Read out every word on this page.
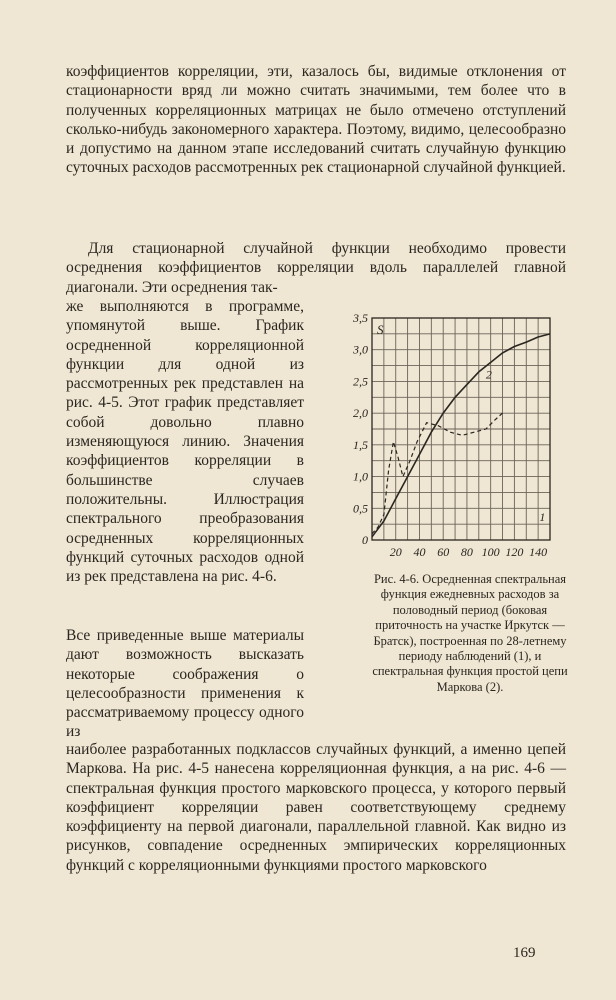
коэффициентов корреляции, эти, казалось бы, видимые отклонения от стационарности вряд ли можно считать значимыми, тем более что в полученных корреляционных матрицах не было отмечено отступлений сколько-нибудь закономерного характера. Поэтому, видимо, целесообразно и допустимо на данном этапе исследований считать случайную функцию суточных расходов рассмотренных рек стационарной случайной функцией.

Для стационарной случайной функции необходимо провести осреднения коэффициентов корреляции вдоль параллелей главной диагонали. Эти осреднения так-

же выполняются в программе, упомянутой выше. График осредненной корреляционной функции для одной из рассмотренных рек представлен на рис. 4-5. Этот график представляет собой довольно плавно изменяющуюся линию. Значения коэффициентов корреляции в большинстве случаев положительны. Иллюстрация спектрального преобразования осредненных корреляционных функций суточных расходов одной из рек представлена на рис. 4-6.

Все приведенные выше материалы дают возможность высказать некоторые соображения о целесообразности применения к рассматриваемому процессу одного из

наиболее разработанных подклассов случайных функций, а именно цепей Маркова. На рис. 4-5 нанесена корреляционная функция, а на рис. 4-6 — спектральная функция простого марковского процесса, у которого первый коэффициент корреляции равен соответствующему среднему коэффициенту на первой диагонали, параллельной главной. Как видно из рисунков, совпадение осредненных эмпирических корреляционных функций с корреляционными функциями простого марковского

0
0,5
1,0
1,5
2,0
2,5
3,0
3,5
20 40 60 80 100 120 140
S
1
2

Рис. 4-6. Осредненная спектральная функция ежедневных расходов за половодный период (боковая приточность на участке Иркутск — Братск), построенная по 28-летнему периоду наблюдений (1), и спектральная функция простой цепи Маркова (2).

169
